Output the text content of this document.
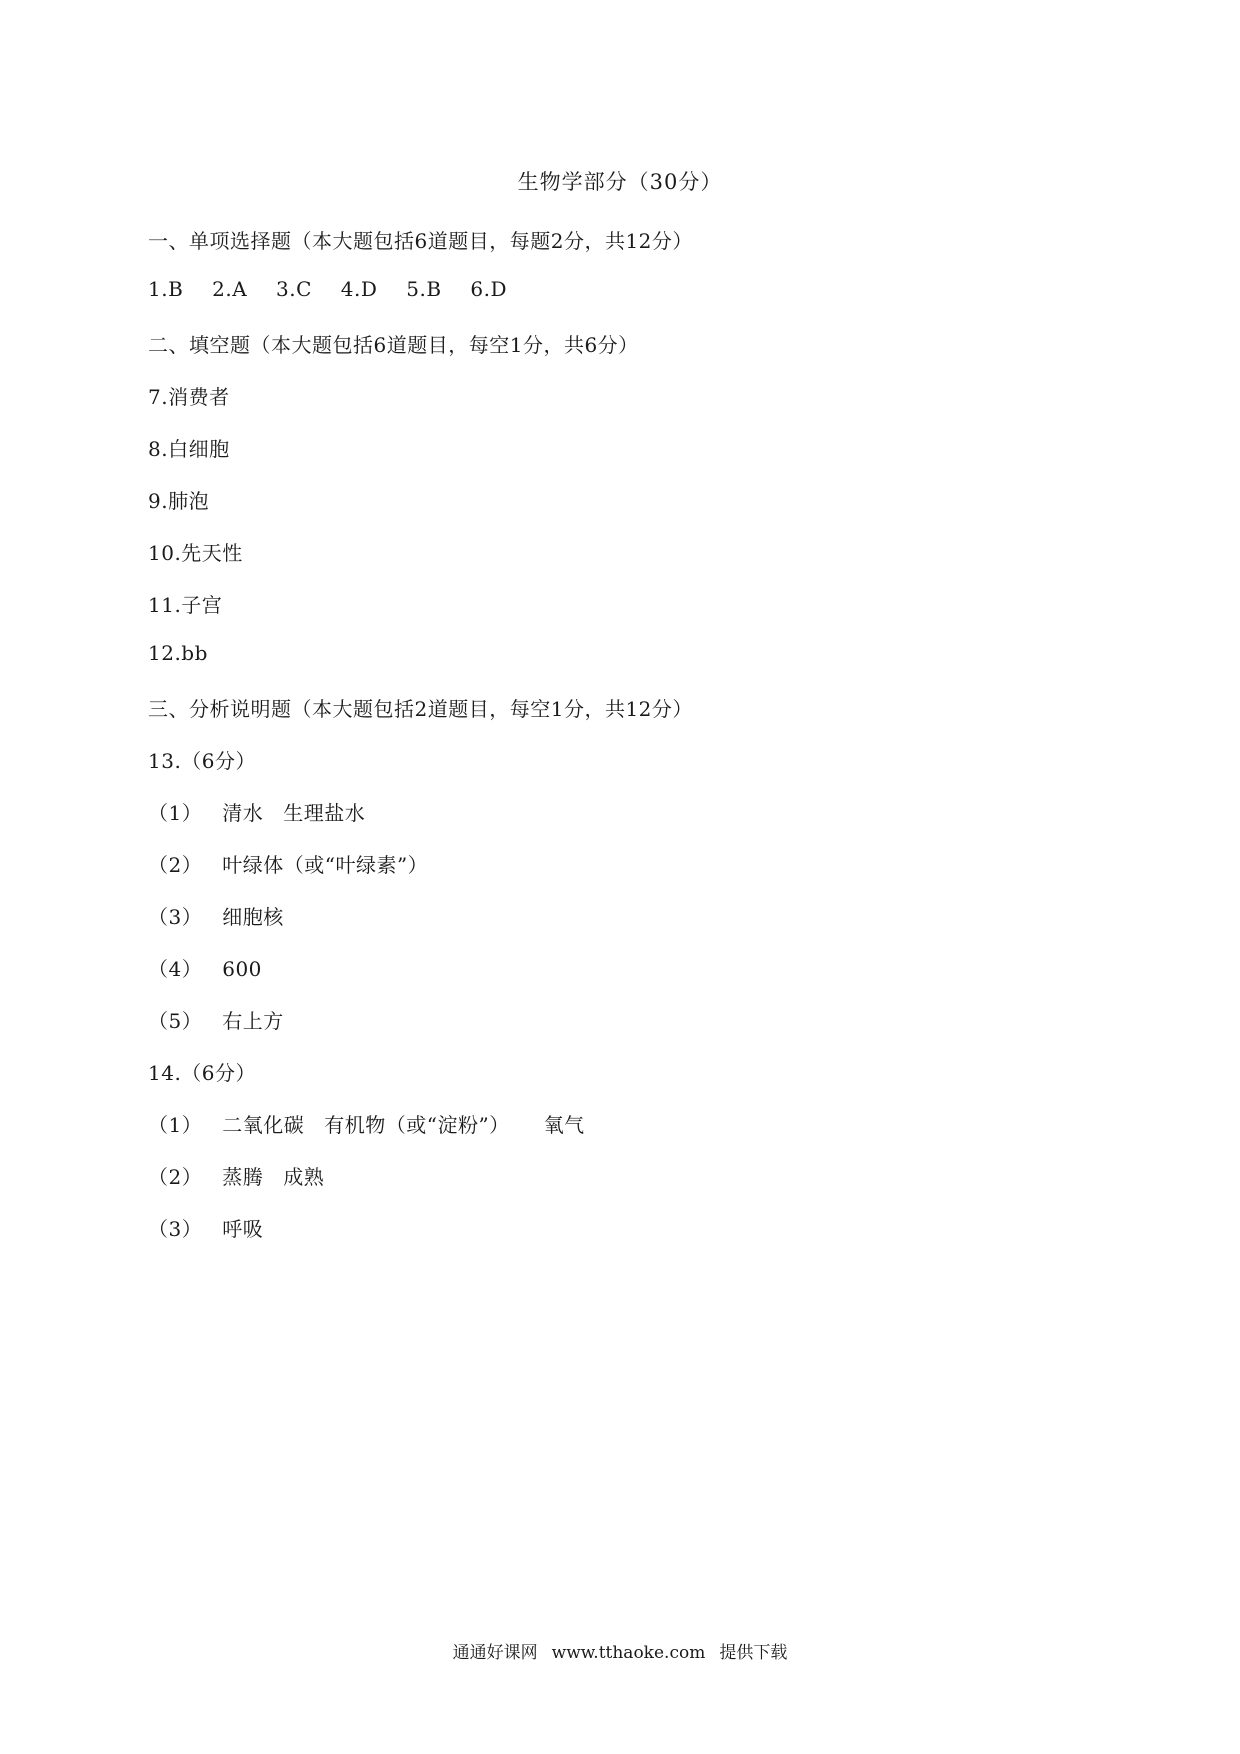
生物学部分（30分）
一、单项选择题（本大题包括6道题目，每题2分，共12分）
1.B 2.A 3.C 4.D 5.B 6.D
二、填空题（本大题包括6道题目，每空1分，共6分）
7.消费者
8.白细胞
9.肺泡
10.先天性
11.子宫
12.bb
三、分析说明题（本大题包括2道题目，每空1分，共12分）
13.（6分）
（1） 清水 生理盐水
（2） 叶绿体（或“叶绿素”）
（3） 细胞核
（4） 600
（5） 右上方
14.（6分）
（1） 二氧化碳 有机物（或“淀粉”） 氧气
（2） 蒸腾 成熟
（3） 呼吸
通通好课网 www.tthaoke.com 提供下载
